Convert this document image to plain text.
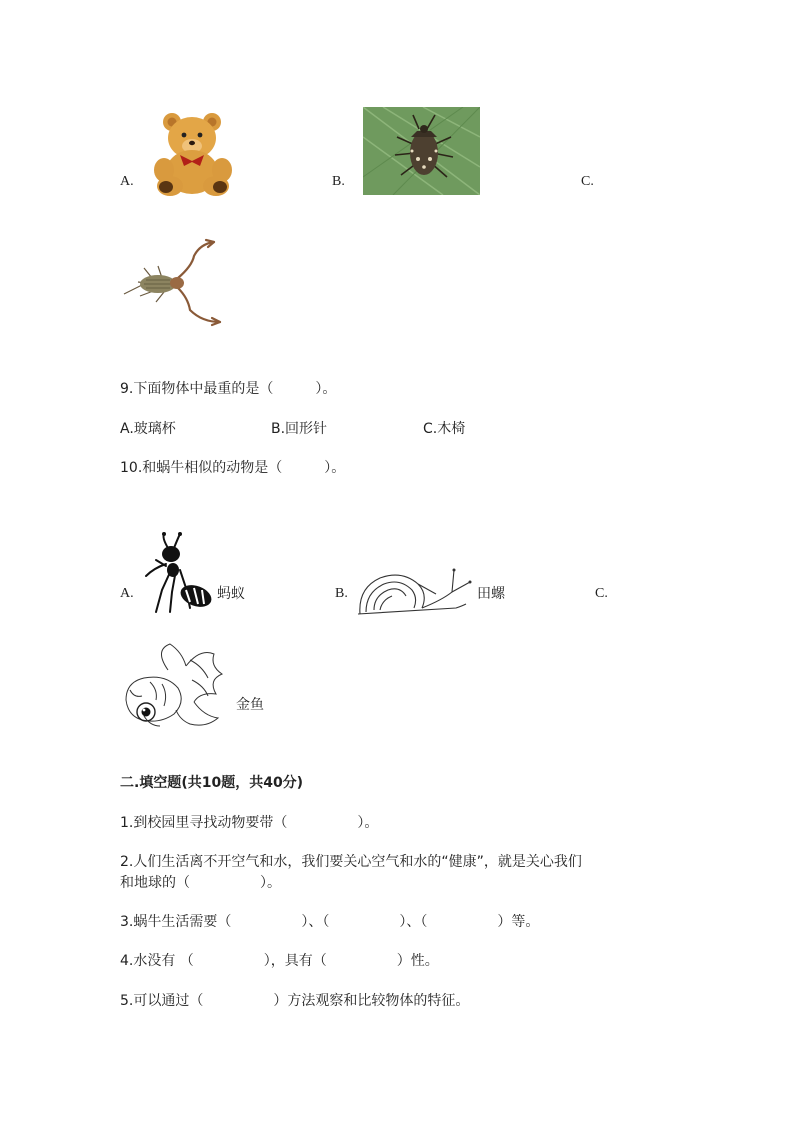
A.	B.	C.
9.下面物体中最重的是（　　　）。
A.玻璃杯	B.回形针	C.木椅
10.和蜗牛相似的动物是（　　　）。
A.	蚂蚁	B.	田螺	C.
金鱼
二.填空题(共10题，共40分)
1.到校园里寻找动物要带（　　　　　）。
2.人们生活离不开空气和水，我们要关心空气和水的“健康”，就是关心我们
和地球的（　　　　　）。
3.蜗牛生活需要（　　　　　）、（　　　　　）、（　　　　　）等。
4.水没有 （　　　　　），具有（　　　　　）性。
5.可以通过（　　　　　）方法观察和比较物体的特征。
